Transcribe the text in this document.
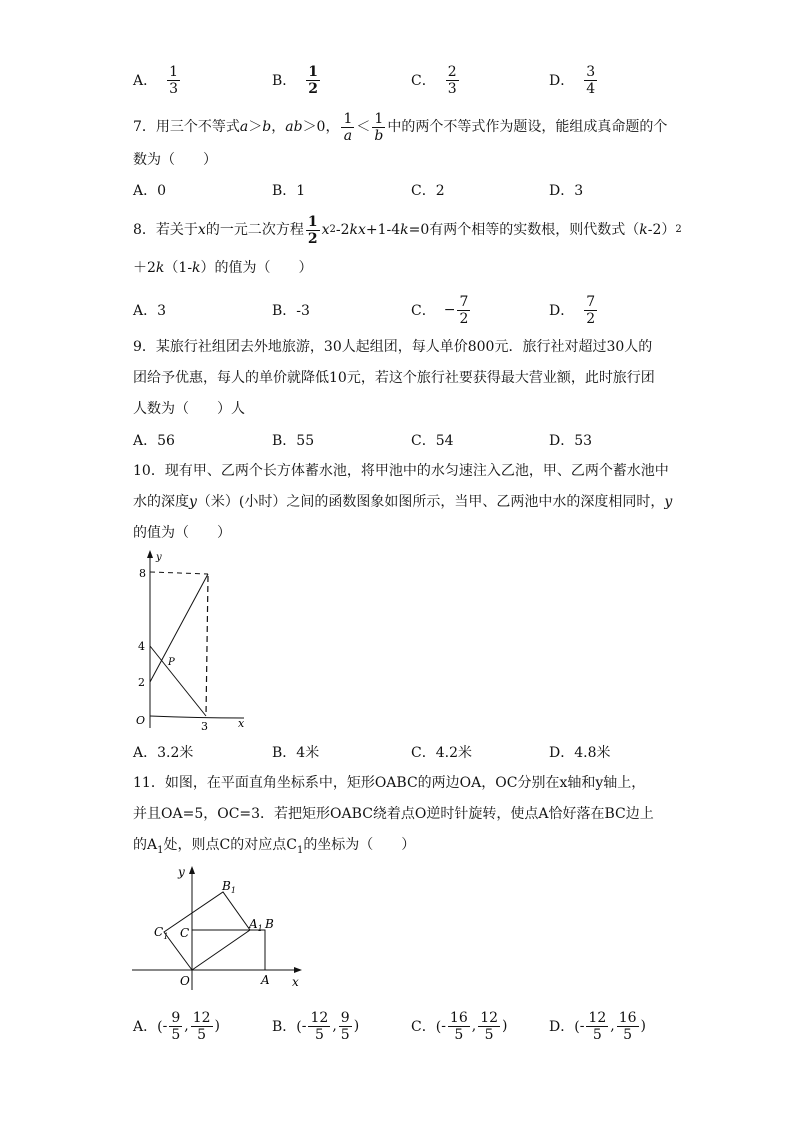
A． $\frac{1}{3}$	B． $\frac{1}{2}$	C． $\frac{2}{3}$	D． $\frac{3}{4}$
7．用三个不等式 a ＞ b ， ab ＞0， $\frac{1}{a} < \frac{1}{b}$ 中的两个不等式作为题设，能组成真命题的个
数为（　　）
A．0	B．1	C．2	D．3
8．若关于 x 的一元二次方程 $\frac{1}{2}$ x 2 -2 kx +1-4 k =0有两个相等的实数根，则代数式（ k -2） 2
＋2k（1-k）的值为（　　）
A．3	B．-3	C． − $\frac{7}{2}$	D． $\frac{7}{2}$
9．某旅行社组团去外地旅游，30人起组团，每人单价800元．旅行社对超过30人的
团给予优惠，每人的单价就降低10元，若这个旅行社要获得最大营业额，此时旅行团
人数为（　　）人
A．56	B．55	C．54	D．53
10．现有甲、乙两个长方体蓄水池，将甲池中的水匀速注入乙池，甲、乙两个蓄水池中
水的深度y（米）(小时）之间的函数图象如图所示，当甲、乙两池中水的深度相同时，y
的值为（　　）
y
x
O
8
4
2
3
P
A．3.2米	B．4米	C．4.2米	D．4.8米
11．如图，在平面直角坐标系中，矩形OABC的两边OA，OC分别在x轴和y轴上，
并且OA=5，OC=3．若把矩形OABC绕着点O逆时针旋转，使点A恰好落在BC边上
的$A_1$处，则点C的对应点$C_1$的坐标为（　　）
y
x
O	A
C
$A_1$ B
$B_1$
$C_1$
A．( - $\frac{9}{5}$ , $\frac{12}{5}$ )	B．( - $\frac{12}{5}$ , $\frac{9}{5}$ )	C．( - $\frac{16}{5}$ , $\frac{12}{5}$ )	D．( - $\frac{12}{5}$ , $\frac{16}{5}$ )
